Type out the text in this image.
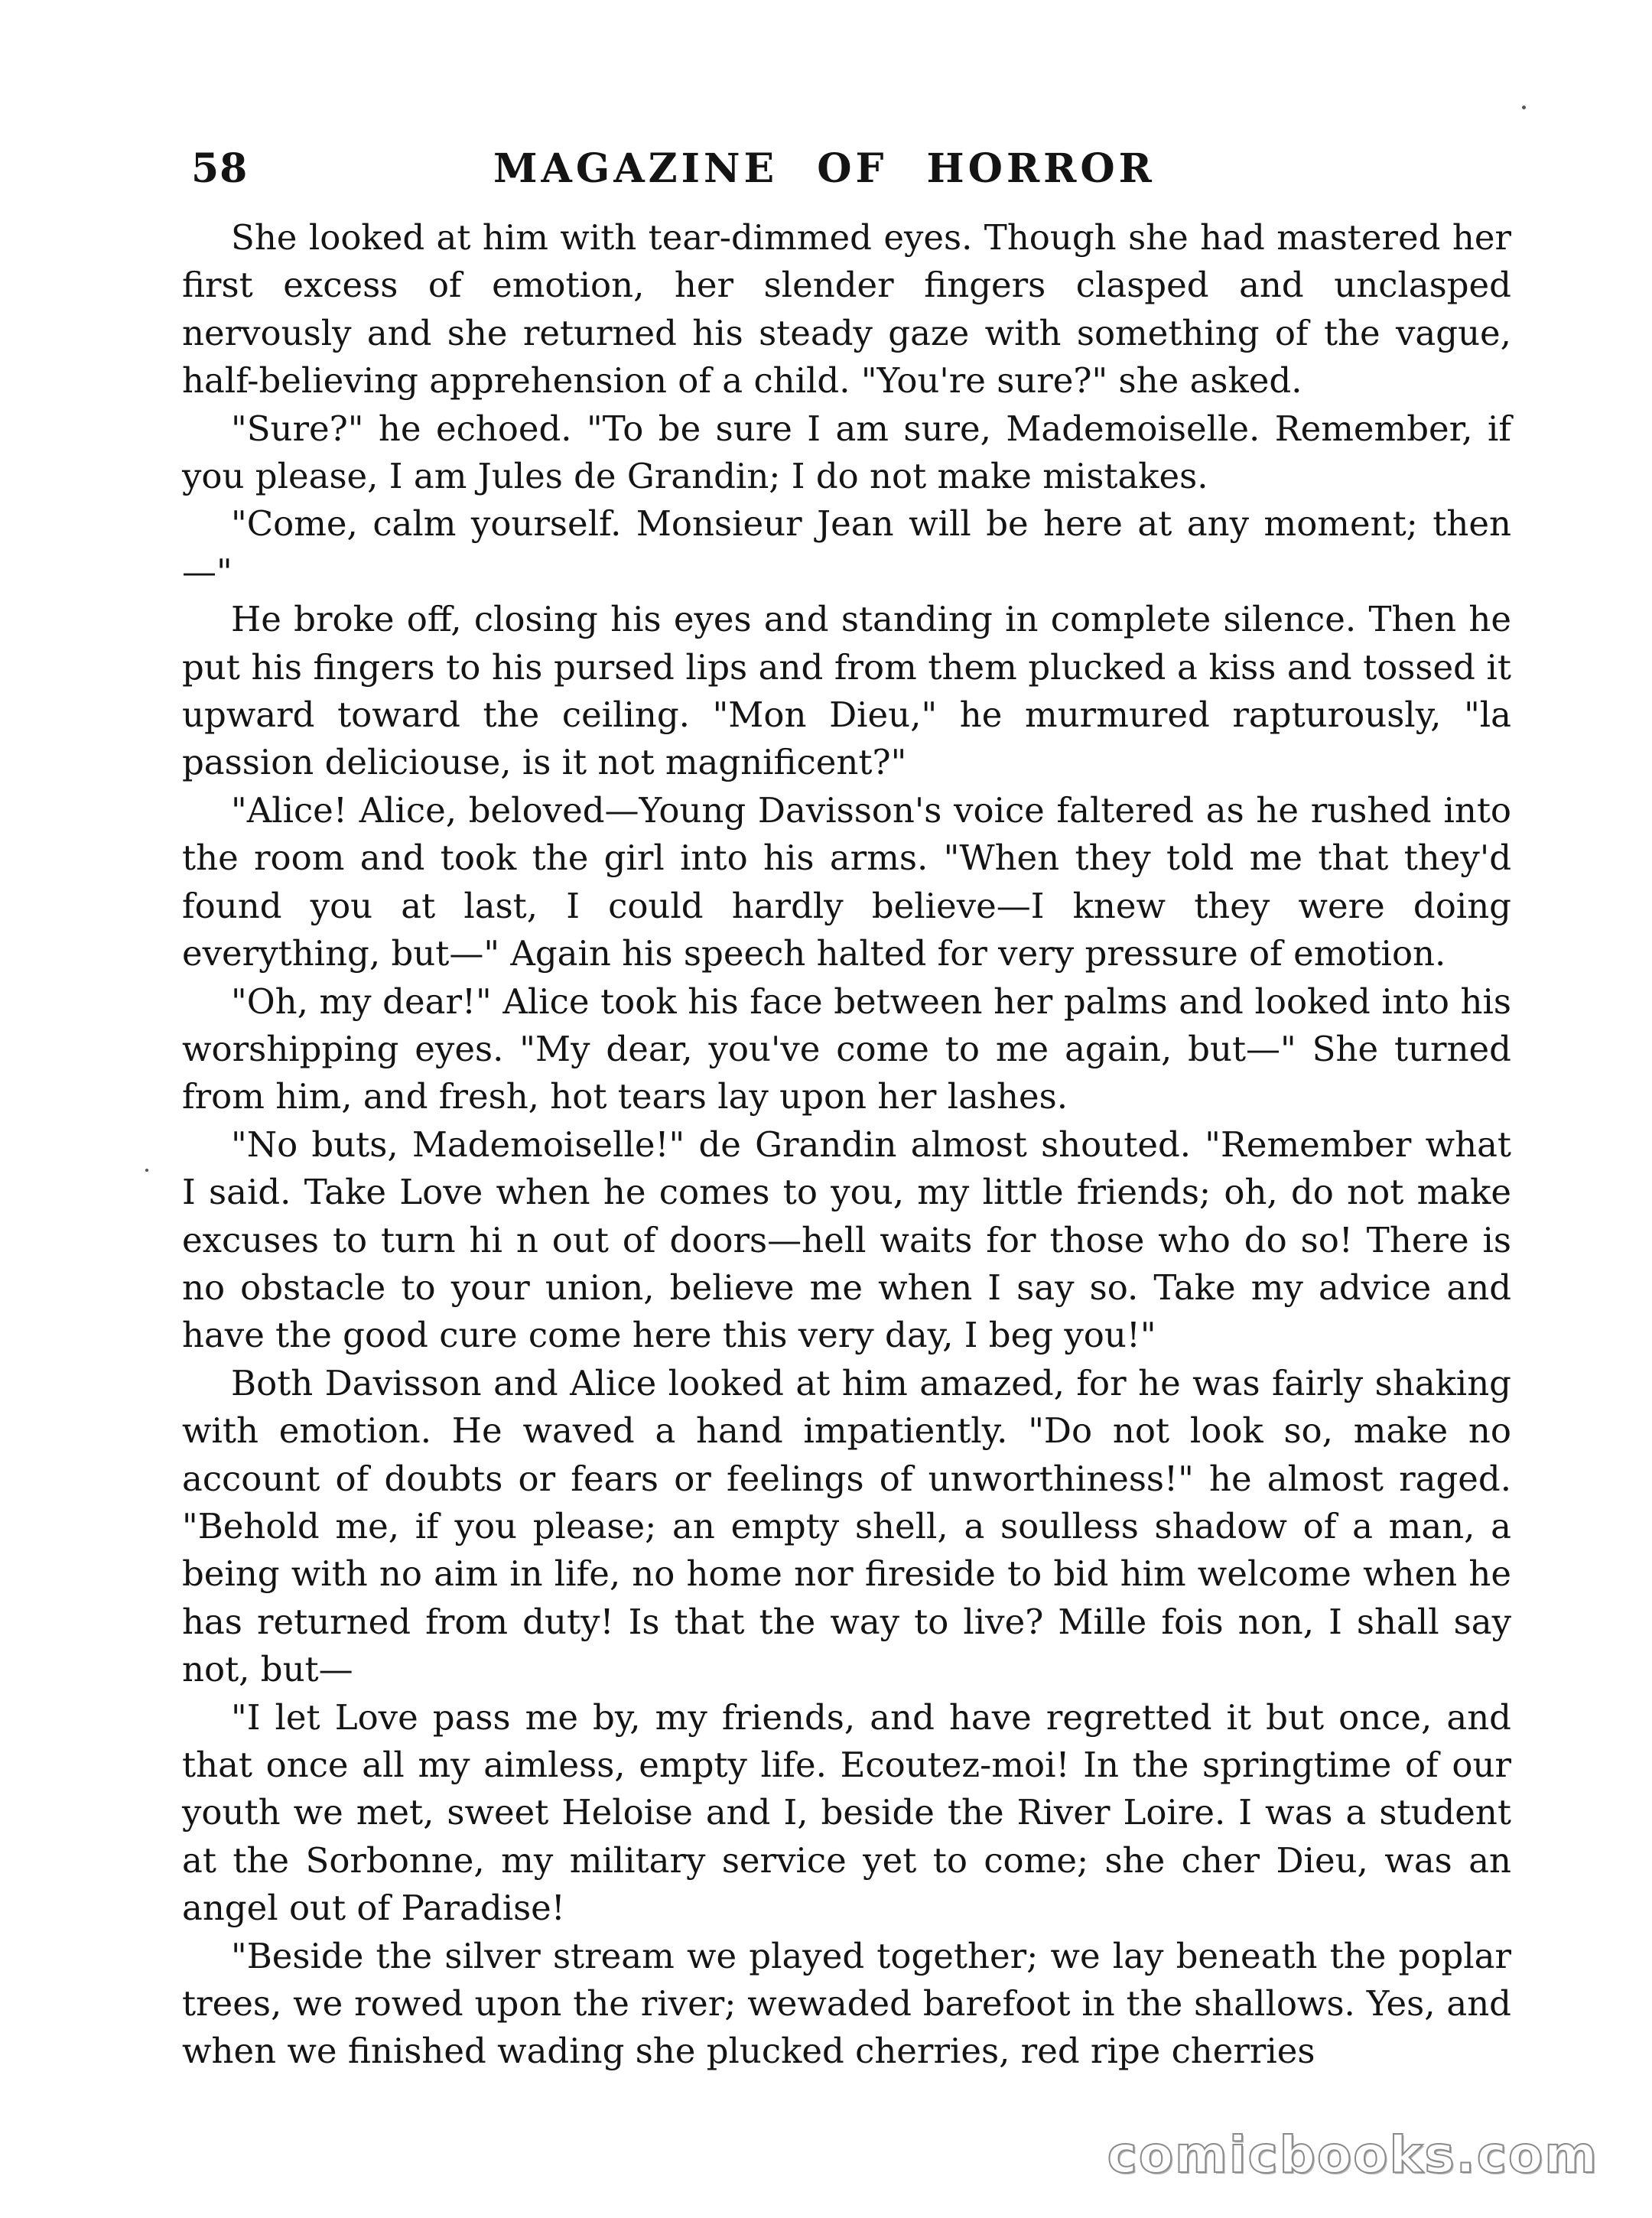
58	MAGAZINE OF HORROR

She looked at him with tear-dimmed eyes. Though she had mastered her first excess of emotion, her slender fingers clasped and unclasped nervously and she returned his steady gaze with something of the vague, half-believing apprehension of a child. "You're sure?" she asked.

"Sure?" he echoed. "To be sure I am sure, Mademoiselle. Remember, if you please, I am Jules de Grandin; I do not make mistakes.

"Come, calm yourself. Monsieur Jean will be here at any moment; then—"

He broke off, closing his eyes and standing in complete silence. Then he put his fingers to his pursed lips and from them plucked a kiss and tossed it upward toward the ceiling. "Mon Dieu," he murmured rapturously, "la passion deliciouse, is it not magnificent?"

"Alice! Alice, beloved—Young Davisson's voice faltered as he rushed into the room and took the girl into his arms. "When they told me that they'd found you at last, I could hardly believe—I knew they were doing everything, but—" Again his speech halted for very pressure of emotion.

"Oh, my dear!" Alice took his face between her palms and looked into his worshipping eyes. "My dear, you've come to me again, but—" She turned from him, and fresh, hot tears lay upon her lashes.

"No buts, Mademoiselle!" de Grandin almost shouted. "Remember what I said. Take Love when he comes to you, my little friends; oh, do not make excuses to turn hi n out of doors—hell waits for those who do so! There is no obstacle to your union, believe me when I say so. Take my advice and have the good cure come here this very day, I beg you!"

Both Davisson and Alice looked at him amazed, for he was fairly shaking with emotion. He waved a hand impatiently. "Do not look so, make no account of doubts or fears or feelings of unworthiness!" he almost raged. "Behold me, if you please; an empty shell, a soulless shadow of a man, a being with no aim in life, no home nor fireside to bid him welcome when he has returned from duty! Is that the way to live? Mille fois non, I shall say not, but—

"I let Love pass me by, my friends, and have regretted it but once, and that once all my aimless, empty life. Ecoutez-moi! In the springtime of our youth we met, sweet Heloise and I, beside the River Loire. I was a student at the Sorbonne, my military service yet to come; she cher Dieu, was an angel out of Paradise!

"Beside the silver stream we played together; we lay beneath the poplar trees, we rowed upon the river; wewaded barefoot in the shallows. Yes, and when we finished wading she plucked cherries, red ripe cherries

comicbooks.com
